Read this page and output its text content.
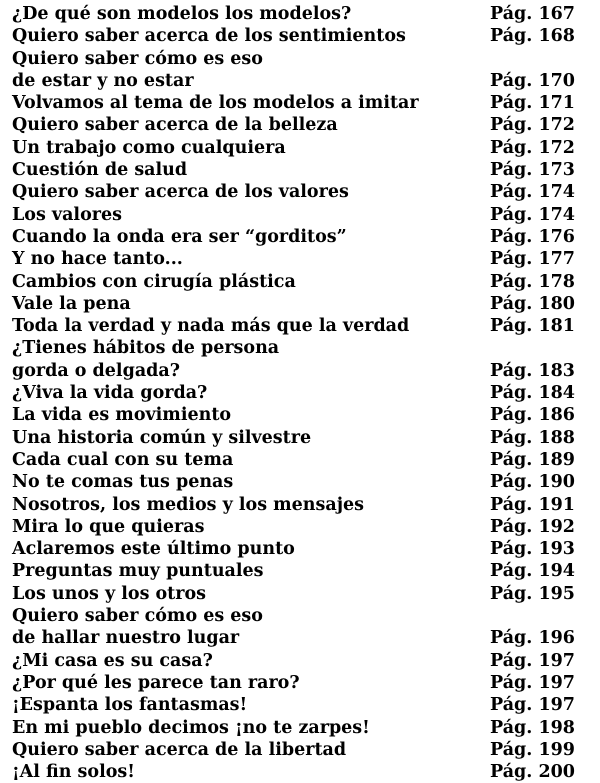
¿De qué son modelos los modelos?	Pág. 167
Quiero saber acerca de los sentimientos	Pág. 168
Quiero saber cómo es eso
de estar y no estar	Pág. 170
Volvamos al tema de los modelos a imitar	Pág. 171
Quiero saber acerca de la belleza	Pág. 172
Un trabajo como cualquiera	Pág. 172
Cuestión de salud	Pág. 173
Quiero saber acerca de los valores	Pág. 174
Los valores	Pág. 174
Cuando la onda era ser “gorditos”	Pág. 176
Y no hace tanto...	Pág. 177
Cambios con cirugía plástica	Pág. 178
Vale la pena	Pág. 180
Toda la verdad y nada más que la verdad	Pág. 181
¿Tienes hábitos de persona
gorda o delgada?	Pág. 183
¿Viva la vida gorda?	Pág. 184
La vida es movimiento	Pág. 186
Una historia común y silvestre	Pág. 188
Cada cual con su tema	Pág. 189
No te comas tus penas	Pág. 190
Nosotros, los medios y los mensajes	Pág. 191
Mira lo que quieras	Pág. 192
Aclaremos este último punto	Pág. 193
Preguntas muy puntuales	Pág. 194
Los unos y los otros	Pág. 195
Quiero saber cómo es eso
de hallar nuestro lugar	Pág. 196
¿Mi casa es su casa?	Pág. 197
¿Por qué les parece tan raro?	Pág. 197
¡Espanta los fantasmas!	Pág. 197
En mi pueblo decimos ¡no te zarpes!	Pág. 198
Quiero saber acerca de la libertad	Pág. 199
¡Al fin solos!	Pág. 200
